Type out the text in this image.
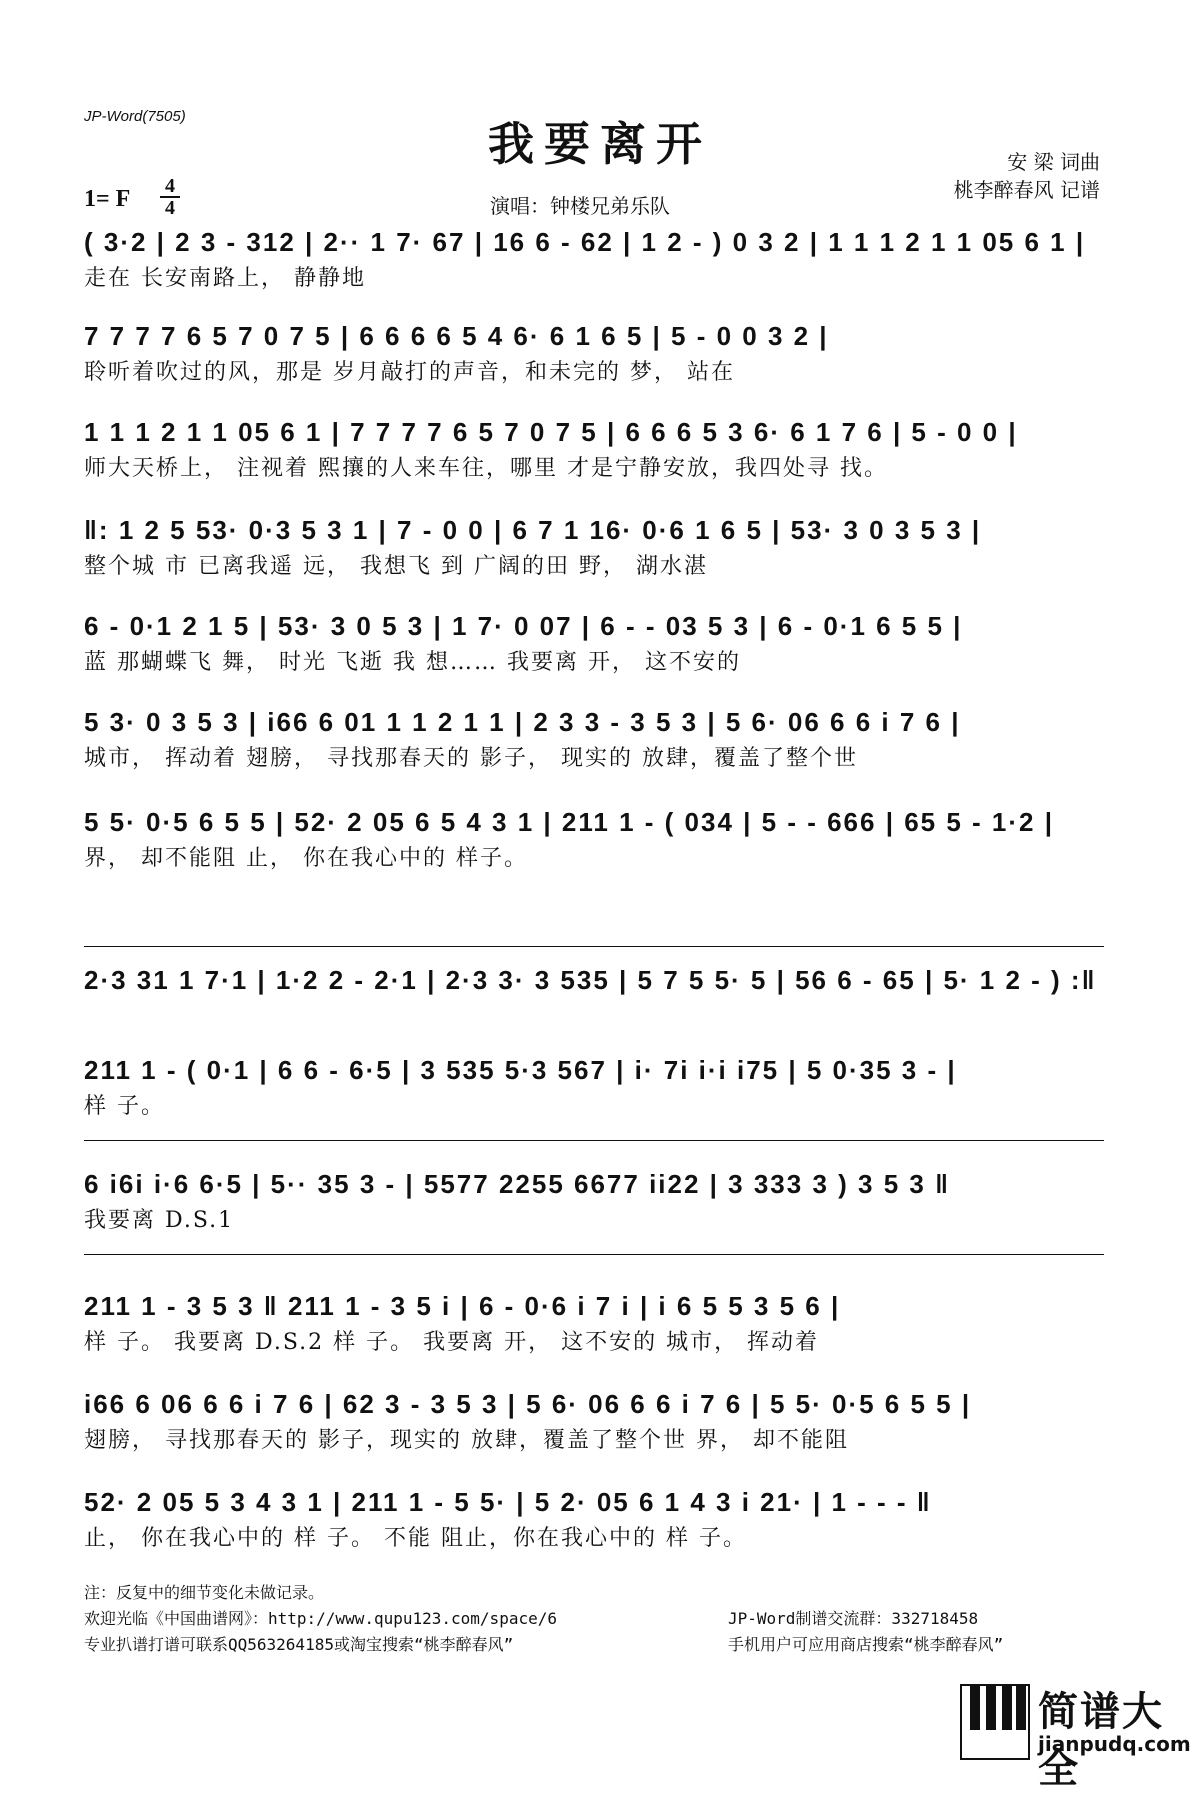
JP-Word(7505)
我要离开	安 梁 词曲
桃李醉春风 记谱
1= F 4
4	演唱：钟楼兄弟乐队
( 3·2 | 2 3 - 312 | 2·· 1 7· 67 | 16 6 - 62 | 1 2 - ) 0 3 2 | 1 1 1 2 1 1 05 6 1 |
走在 长安南路上， 静静地
7 7 7 7 6 5 7 0 7 5 | 6 6 6 6 5 4 6· 6 1 6 5 | 5 - 0 0 3 2 |
聆听着吹过的风，那是 岁月敲打的声音，和未完的 梦， 站在
1 1 1 2 1 1 05 6 1 | 7 7 7 7 6 5 7 0 7 5 | 6 6 6 5 3 6· 6 1 7 6 | 5 - 0 0 |
师大天桥上， 注视着 熙攘的人来车往，哪里 才是宁静安放，我四处寻 找。
‖: 1 2 5 53· 0·3 5 3 1 | 7 - 0 0 | 6 7 1 16· 0·6 1 6 5 | 53· 3 0 3 5 3 |
整个城 市 已离我遥 远， 我想飞 到 广阔的田 野， 湖水湛
6 - 0·1 2 1 5 | 53· 3 0 5 3 | 1 7· 0 07 | 6 - - 03 5 3 | 6 - 0·1 6 5 5 |
蓝 那蝴蝶飞 舞， 时光 飞逝 我 想…… 我要离 开， 这不安的
5 3· 0 3 5 3 | i66 6 01 1 1 2 1 1 | 2 3 3 - 3 5 3 | 5 6· 06 6 6 i 7 6 |
城市， 挥动着 翅膀， 寻找那春天的 影子， 现实的 放肆，覆盖了整个世
5 5· 0·5 6 5 5 | 52· 2 05 6 5 4 3 1 | 211 1 - ( 034 | 5 - - 666 | 65 5 - 1·2 |
界， 却不能阻 止， 你在我心中的 样子。
2·3 31 1 7·1 | 1·2 2 - 2·1 | 2·3 3· 3 535 | 5 7 5 5· 5 | 56 6 - 65 | 5· 1 2 - ) :‖
211 1 - ( 0·1 | 6 6 - 6·5 | 3 535 5·3 567 | i· 7i i·i i75 | 5 0·35 3 - |
样 子。
6 i6i i·6 6·5 | 5·· 35 3 - | 5577 2255 6677 ii22 | 3 333 3 ) 3 5 3 ‖
我要离 D.S.1
211 1 - 3 5 3 ‖ 211 1 - 3 5 i | 6 - 0·6 i 7 i | i 6 5 5 3 5 6 |
样 子。 我要离 D.S.2 样 子。 我要离 开， 这不安的 城市， 挥动着
i66 6 06 6 6 i 7 6 | 62 3 - 3 5 3 | 5 6· 06 6 6 i 7 6 | 5 5· 0·5 6 5 5 |
翅膀， 寻找那春天的 影子，现实的 放肆，覆盖了整个世 界， 却不能阻
52· 2 05 5 3 4 3 1 | 211 1 - 5 5· | 5 2· 05 6 1 4 3 i 21· | 1 - - - ‖
止， 你在我心中的 样 子。 不能 阻止，你在我心中的 样 子。
注：反复中的细节变化未做记录。
欢迎光临《中国曲谱网》：http://www.qupu123.com/space/6
专业扒谱打谱可联系QQ563264185或淘宝搜索“桃李醉春风”
JP-Word制谱交流群：332718458
手机用户可应用商店搜索“桃李醉春风”
简谱大全
jianpudq.com
